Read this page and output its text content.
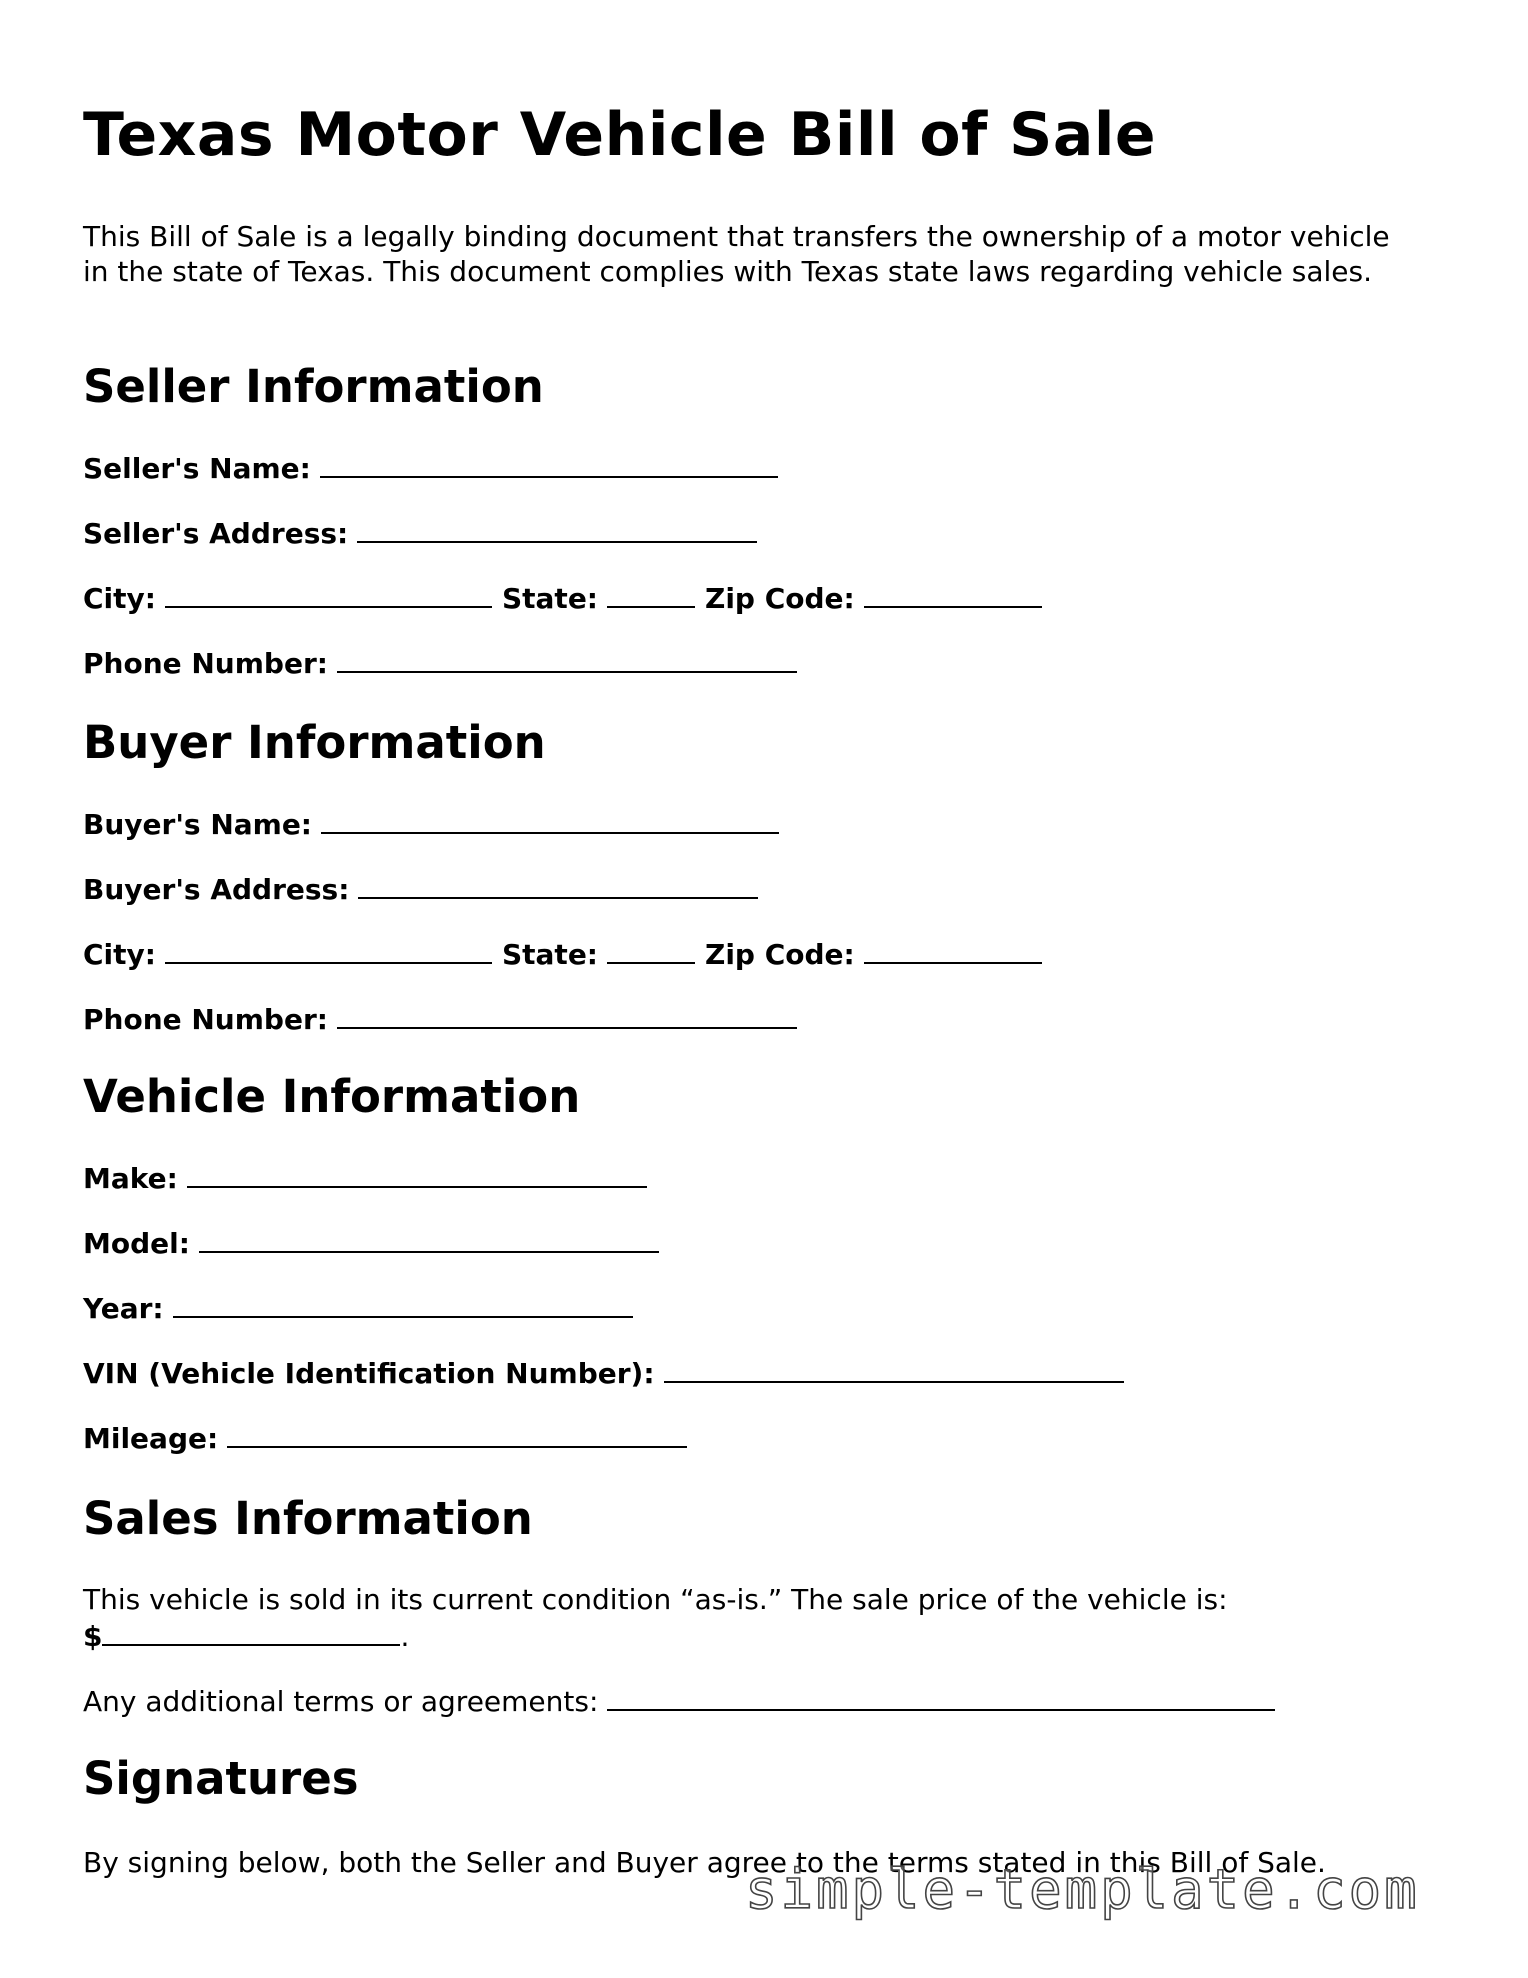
Texas Motor Vehicle Bill of Sale

This Bill of Sale is a legally binding document that transfers the ownership of a motor vehicle in the state of Texas. This document complies with Texas state laws regarding vehicle sales.

Seller Information
Seller's Name:
Seller's Address:
City:	State:	Zip Code:
Phone Number:
Buyer Information
Buyer's Name:
Buyer's Address:
City:	State:	Zip Code:
Phone Number:
Vehicle Information
Make:
Model:
Year:
VIN (Vehicle Identification Number):
Mileage:
Sales Information

This vehicle is sold in its current condition “as-is.” The sale price of the vehicle is:
$	.

Any additional terms or agreements:

Signatures

By signing below, both the Seller and Buyer agree to the terms stated in this Bill of Sale.

simple-template.com
